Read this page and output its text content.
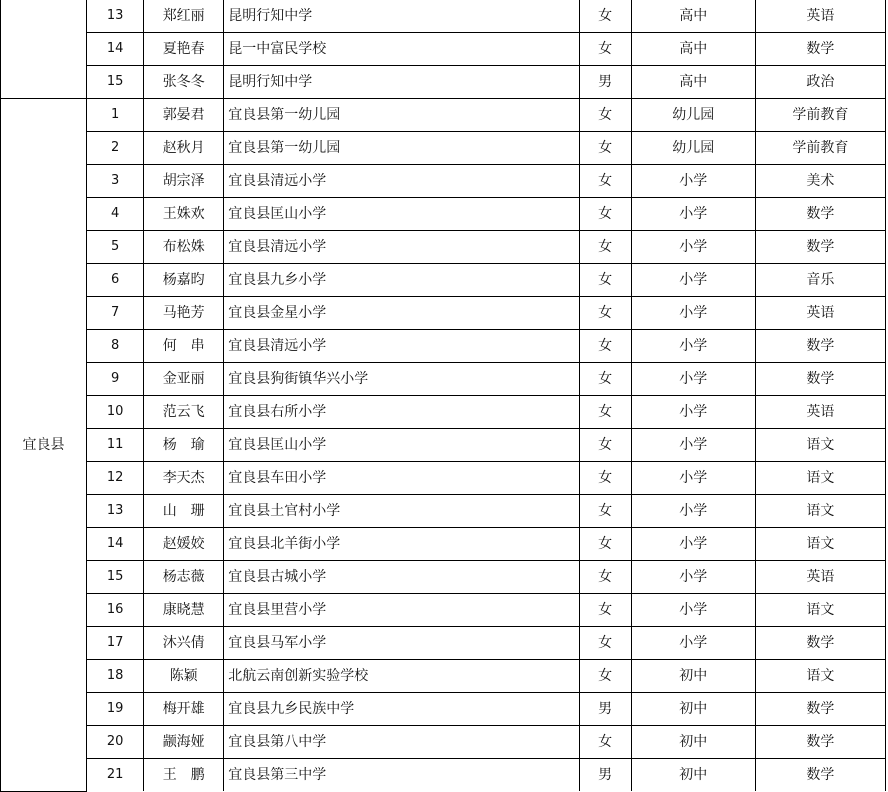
	13	郑红丽	昆明行知中学	女	高中	英语
	14	夏艳春	昆一中富民学校	女	高中	数学
	15	张冬冬	昆明行知中学	男	高中	政治
宜良县	1	郭晏君	宜良县第一幼儿园	女	幼儿园	学前教育
	2	赵秋月	宜良县第一幼儿园	女	幼儿园	学前教育
	3	胡宗泽	宜良县清远小学	女	小学	美术
	4	王姝欢	宜良县匡山小学	女	小学	数学
	5	布松姝	宜良县清远小学	女	小学	数学
	6	杨嘉昀	宜良县九乡小学	女	小学	音乐
	7	马艳芳	宜良县金星小学	女	小学	英语
	8	何　串	宜良县清远小学	女	小学	数学
	9	金亚丽	宜良县狗街镇华兴小学	女	小学	数学
	10	范云飞	宜良县右所小学	女	小学	英语
	11	杨　瑜	宜良县匡山小学	女	小学	语文
	12	李天杰	宜良县车田小学	女	小学	语文
	13	山　珊	宜良县土官村小学	女	小学	语文
	14	赵媛姣	宜良县北羊街小学	女	小学	语文
	15	杨志薇	宜良县古城小学	女	小学	英语
	16	康晓慧	宜良县里营小学	女	小学	语文
	17	沐兴倩	宜良县马军小学	女	小学	数学
	18	陈颖	北航云南创新实验学校	女	初中	语文
	19	梅开雄	宜良县九乡民族中学	男	初中	数学
	20	颛海娅	宜良县第八中学	女	初中	数学
	21	王　鹏	宜良县第三中学	男	初中	数学
